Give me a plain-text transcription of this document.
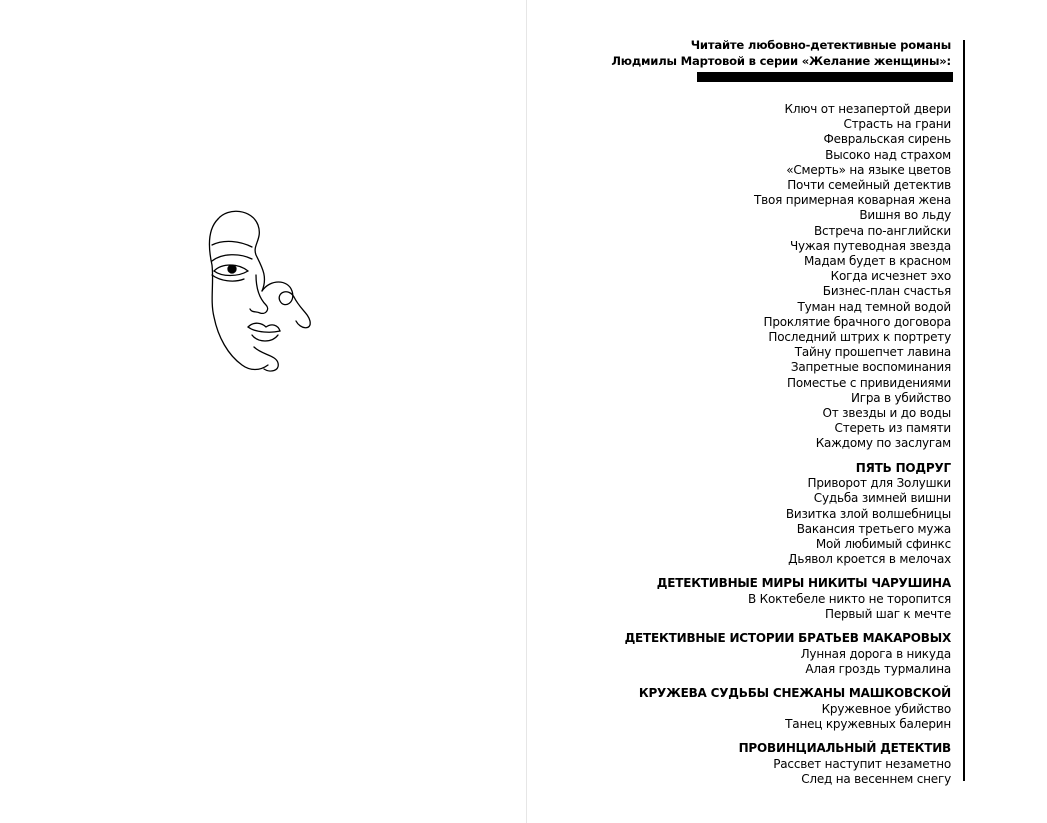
Читайте любовно-детективные романы
Людмилы Мартовой в серии «Желание женщины»:
Ключ от незапертой двери
Страсть на грани
Февральская сирень
Высоко над страхом
«Смерть» на языке цветов
Почти семейный детектив
Твоя примерная коварная жена
Вишня во льду
Встреча по-английски
Чужая путеводная звезда
Мадам будет в красном
Когда исчезнет эхо
Бизнес-план счастья
Туман над темной водой
Проклятие брачного договора
Последний штрих к портрету
Тайну прошепчет лавина
Запретные воспоминания
Поместье с привидениями
Игра в убийство
От звезды и до воды
Стереть из памяти
Каждому по заслугам
ПЯТЬ ПОДРУГ
Приворот для Золушки
Судьба зимней вишни
Визитка злой волшебницы
Вакансия третьего мужа
Мой любимый сфинкс
Дьявол кроется в мелочах
ДЕТЕКТИВНЫЕ МИРЫ НИКИТЫ ЧАРУШИНА
В Коктебеле никто не торопится
Первый шаг к мечте
ДЕТЕКТИВНЫЕ ИСТОРИИ БРАТЬЕВ МАКАРОВЫХ
Лунная дорога в никуда
Алая гроздь турмалина
КРУЖЕВА СУДЬБЫ СНЕЖАНЫ МАШКОВСКОЙ
Кружевное убийство
Танец кружевных балерин
ПРОВИНЦИАЛЬНЫЙ ДЕТЕКТИВ
Рассвет наступит незаметно
След на весеннем снегу
